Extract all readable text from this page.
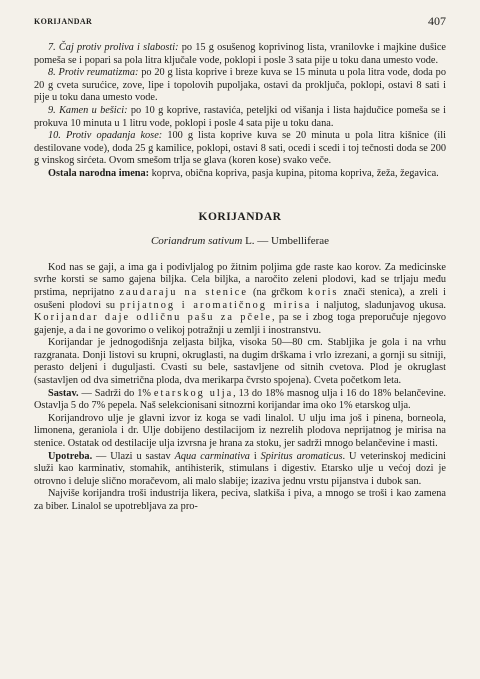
KORIJANDAR	407

7. Čaj protiv proliva i slabosti: po 15 g osušenog koprivinog lista, vranilovke i majkine dušice pomeša se i popari sa pola litra ključale vode, poklopi i posle 3 sata pije u toku dana umesto vode.

8. Protiv reumatizma: po 20 g lista koprive i breze kuva se 15 minuta u pola litra vode, doda po 20 g cveta surućice, zove, lipe i topolovih pupoljaka, ostavi da proključa, poklopi, ostavi 8 sati i pije u toku dana umesto vode.

9. Kamen u bešici: po 10 g koprive, rastavića, peteljki od višanja i lista hajdučice pomeša se i prokuva 10 minuta u 1 litru vode, poklopi i posle 4 sata pije u toku dana.

10. Protiv opadanja kose: 100 g lista koprive kuva se 20 minuta u pola litra kišnice (ili destilovane vode), doda 25 g kamilice, poklopi, ostavi 8 sati, ocedi i scedi i toj tečnosti doda se 200 g vinskog sirćeta. Ovom smešom trlja se glava (koren kose) svako veče.

Ostala narodna imena: koprva, obična kopriva, pasja kupina, pitoma kopriva, žeža, žegavica.

KORIJANDAR
Coriandrum sativum L. — Umbelliferae

Kod nas se gaji, a ima ga i podivljalog po žitnim poljima gde raste kao korov. Za medicinske svrhe korsti se samo gajena biljka. Cela biljka, a naročito zeleni plodovi, kad se trljaju među prstima, neprijatno zaudaraju na stenice (na grčkom koris znači stenica), a zreli i osušeni plodovi su prijatnog i aromatičnog mirisa i naljutog, sladunjavog ukusa. Korijandar daje odličnu pašu za pčele, pa se i zbog toga preporučuje njegovo gajenje, a da i ne govorimo o velikoj potražnji u zemlji i inostranstvu.

Korijandar je jednogodišnja zeljasta biljka, visoka 50—80 cm. Stabljika je gola i na vrhu razgranata. Donji listovi su krupni, okruglasti, na dugim drškama i vrlo izrezani, a gornji su sitniji, perasto deljeni i duguljasti. Cvasti su bele, sastavljene od sitnih cvetova. Plod je okruglast (sastavljen od dva simetrična ploda, dva merikarpa čvrsto spojena). Cveta početkom leta.

Sastav. — Sadrži do 1% etarskog ulja, 13 do 18% masnog ulja i 16 do 18% belančevine. Ostavlja 5 do 7% pepela. Naš selekcionisani sitnozrni korijandar ima oko 1% etarskog ulja.

Korijandrovo ulje je glavni izvor iz koga se vadi linalol. U ulju ima još i pinena, borneola, limonena, geraniola i dr. Ulje dobijeno destilacijom iz nezrelih plodova neprijatnog je mirisa na stenice. Ostatak od destilacije ulja izvrsna je hrana za stoku, jer sadrži mnogo belančevine i masti.

Upotreba. — Ulazi u sastav Aqua carminativa i Spiritus aromaticus. U veterinskoj medicini služi kao karminativ, stomahik, antihisterik, stimulans i digestiv. Etarsko ulje u većoj dozi je otrovno i deluje slično moračevom, ali malo slabije; izaziva jednu vrstu pijanstva i dubok san.

Najviše korijandra troši industrija likera, peciva, slatkiša i piva, a mnogo se troši i kao zamena za biber. Linalol se upotrebljava za pro-
